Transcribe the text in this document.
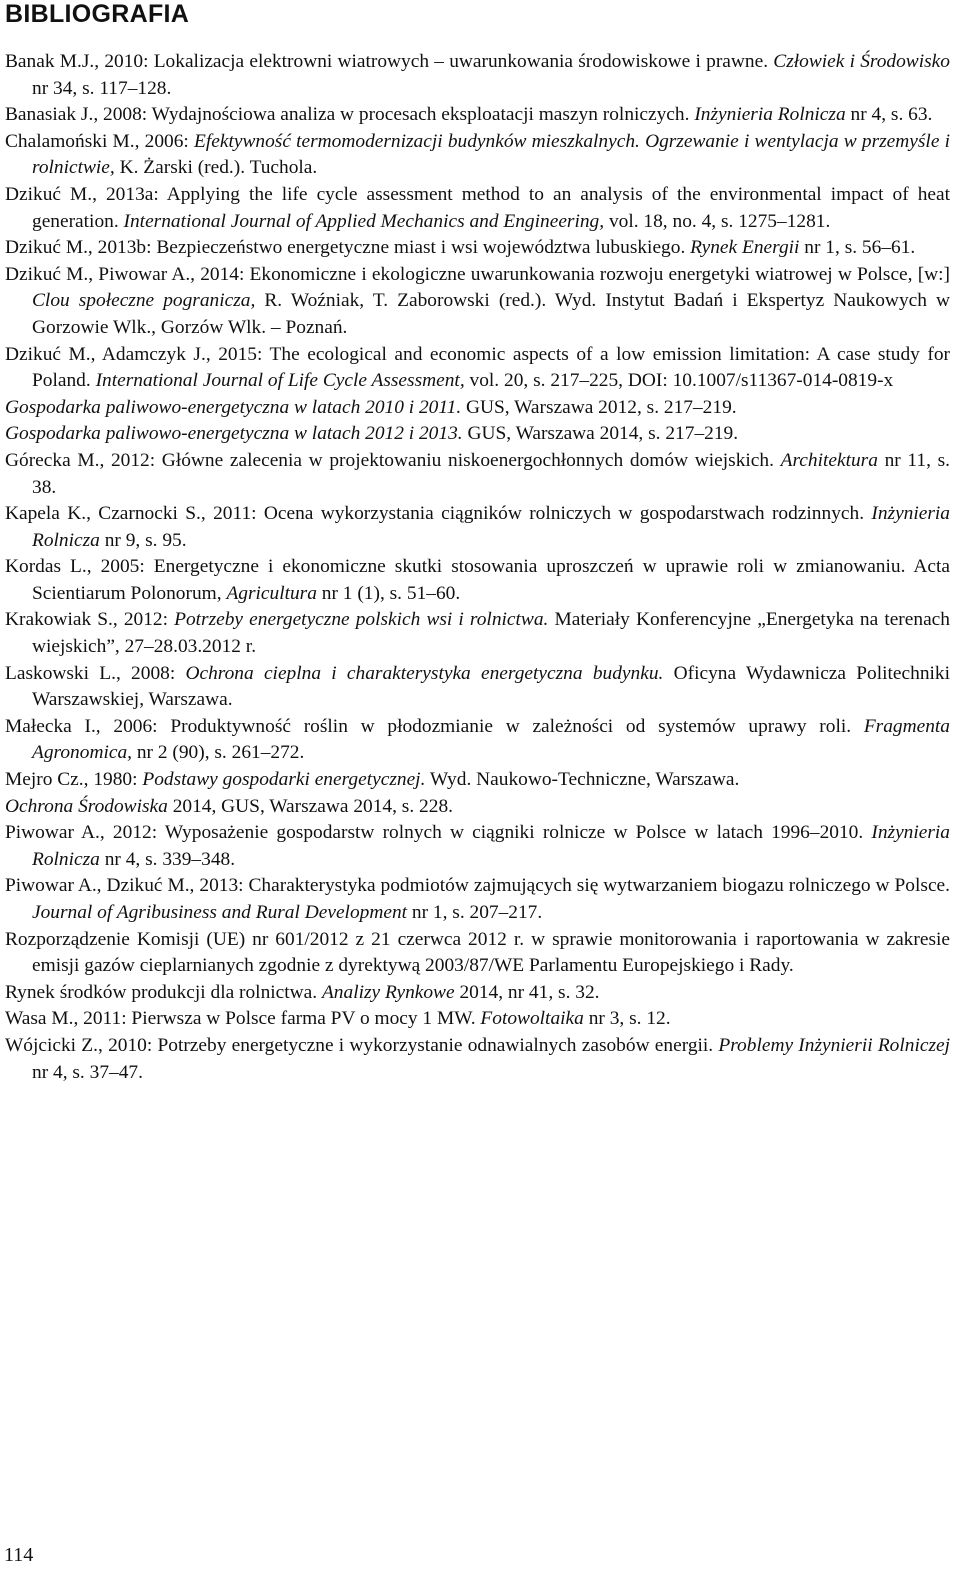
BIBLIOGRAFIA
Banak M.J., 2010: Lokalizacja elektrowni wiatrowych – uwarunkowania środowiskowe i prawne. Człowiek i Środowisko nr 34, s. 117–128.
Banasiak J., 2008: Wydajnościowa analiza w procesach eksploatacji maszyn rolniczych. Inżynieria Rolnicza nr 4, s. 63.
Chalamoński M., 2006: Efektywność termomodernizacji budynków mieszkalnych. Ogrzewanie i wentylacja w przemyśle i rolnictwie, K. Żarski (red.). Tuchola.
Dzikuć M., 2013a: Applying the life cycle assessment method to an analysis of the environmental impact of heat generation. International Journal of Applied Mechanics and Engineering, vol. 18, no. 4, s. 1275–1281.
Dzikuć M., 2013b: Bezpieczeństwo energetyczne miast i wsi województwa lubuskiego. Rynek Energii nr 1, s. 56–61.
Dzikuć M., Piwowar A., 2014: Ekonomiczne i ekologiczne uwarunkowania rozwoju energetyki wiatrowej w Polsce, [w:] Clou społeczne pogranicza, R. Woźniak, T. Zaborowski (red.). Wyd. Instytut Badań i Ekspertyz Naukowych w Gorzowie Wlk., Gorzów Wlk. – Poznań.
Dzikuć M., Adamczyk J., 2015: The ecological and economic aspects of a low emission limitation: A case study for Poland. International Journal of Life Cycle Assessment, vol. 20, s. 217–225, DOI: 10.1007/s11367-014-0819-x
Gospodarka paliwowo-energetyczna w latach 2010 i 2011. GUS, Warszawa 2012, s. 217–219.
Gospodarka paliwowo-energetyczna w latach 2012 i 2013. GUS, Warszawa 2014, s. 217–219.
Górecka M., 2012: Główne zalecenia w projektowaniu niskoenergochłonnych domów wiejskich. Architektura nr 11, s. 38.
Kapela K., Czarnocki S., 2011: Ocena wykorzystania ciągników rolniczych w gospodarstwach rodzinnych. Inżynieria Rolnicza nr 9, s. 95.
Kordas L., 2005: Energetyczne i ekonomiczne skutki stosowania uproszczeń w uprawie roli w zmianowaniu. Acta Scientiarum Polonorum, Agricultura nr 1 (1), s. 51–60.
Krakowiak S., 2012: Potrzeby energetyczne polskich wsi i rolnictwa. Materiały Konferencyjne „Energetyka na terenach wiejskich”, 27–28.03.2012 r.
Laskowski L., 2008: Ochrona cieplna i charakterystyka energetyczna budynku. Oficyna Wydawnicza Politechniki Warszawskiej, Warszawa.
Małecka I., 2006: Produktywność roślin w płodozmianie w zależności od systemów uprawy roli. Fragmenta Agronomica, nr 2 (90), s. 261–272.
Mejro Cz., 1980: Podstawy gospodarki energetycznej. Wyd. Naukowo-Techniczne, Warszawa.
Ochrona Środowiska 2014, GUS, Warszawa 2014, s. 228.
Piwowar A., 2012: Wyposażenie gospodarstw rolnych w ciągniki rolnicze w Polsce w latach 1996–2010. Inżynieria Rolnicza nr 4, s. 339–348.
Piwowar A., Dzikuć M., 2013: Charakterystyka podmiotów zajmujących się wytwarzaniem biogazu rolniczego w Polsce. Journal of Agribusiness and Rural Development nr 1, s. 207–217.
Rozporządzenie Komisji (UE) nr 601/2012 z 21 czerwca 2012 r. w sprawie monitorowania i raportowania w zakresie emisji gazów cieplarnianych zgodnie z dyrektywą 2003/87/WE Parlamentu Europejskiego i Rady.
Rynek środków produkcji dla rolnictwa. Analizy Rynkowe 2014, nr 41, s. 32.
Wasa M., 2011: Pierwsza w Polsce farma PV o mocy 1 MW. Fotowoltaika nr 3, s. 12.
Wójcicki Z., 2010: Potrzeby energetyczne i wykorzystanie odnawialnych zasobów energii. Problemy Inżynierii Rolniczej nr 4, s. 37–47.
114
